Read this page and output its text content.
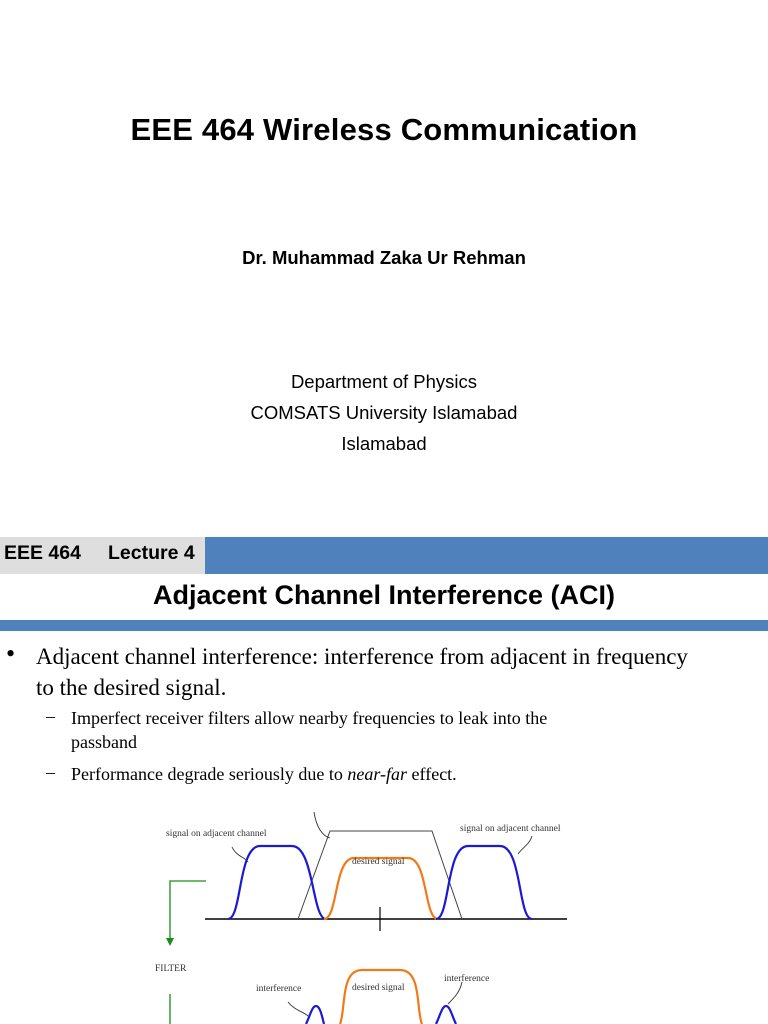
EEE 464 Wireless Communication
Dr. Muhammad Zaka Ur Rehman
Department of Physics
COMSATS University Islamabad
Islamabad
EEE 464 Lecture 4
Adjacent Channel Interference (ACI)
• Adjacent channel interference: interference from adjacent in frequency
to the desired signal.
– Imperfect receiver filters allow nearby frequencies to leak into the
passband
– Performance degrade seriously due to near-far effect.
signal on adjacent channel	signal on adjacent channel
desired signal
FILTER
interference
interference
desired signal
